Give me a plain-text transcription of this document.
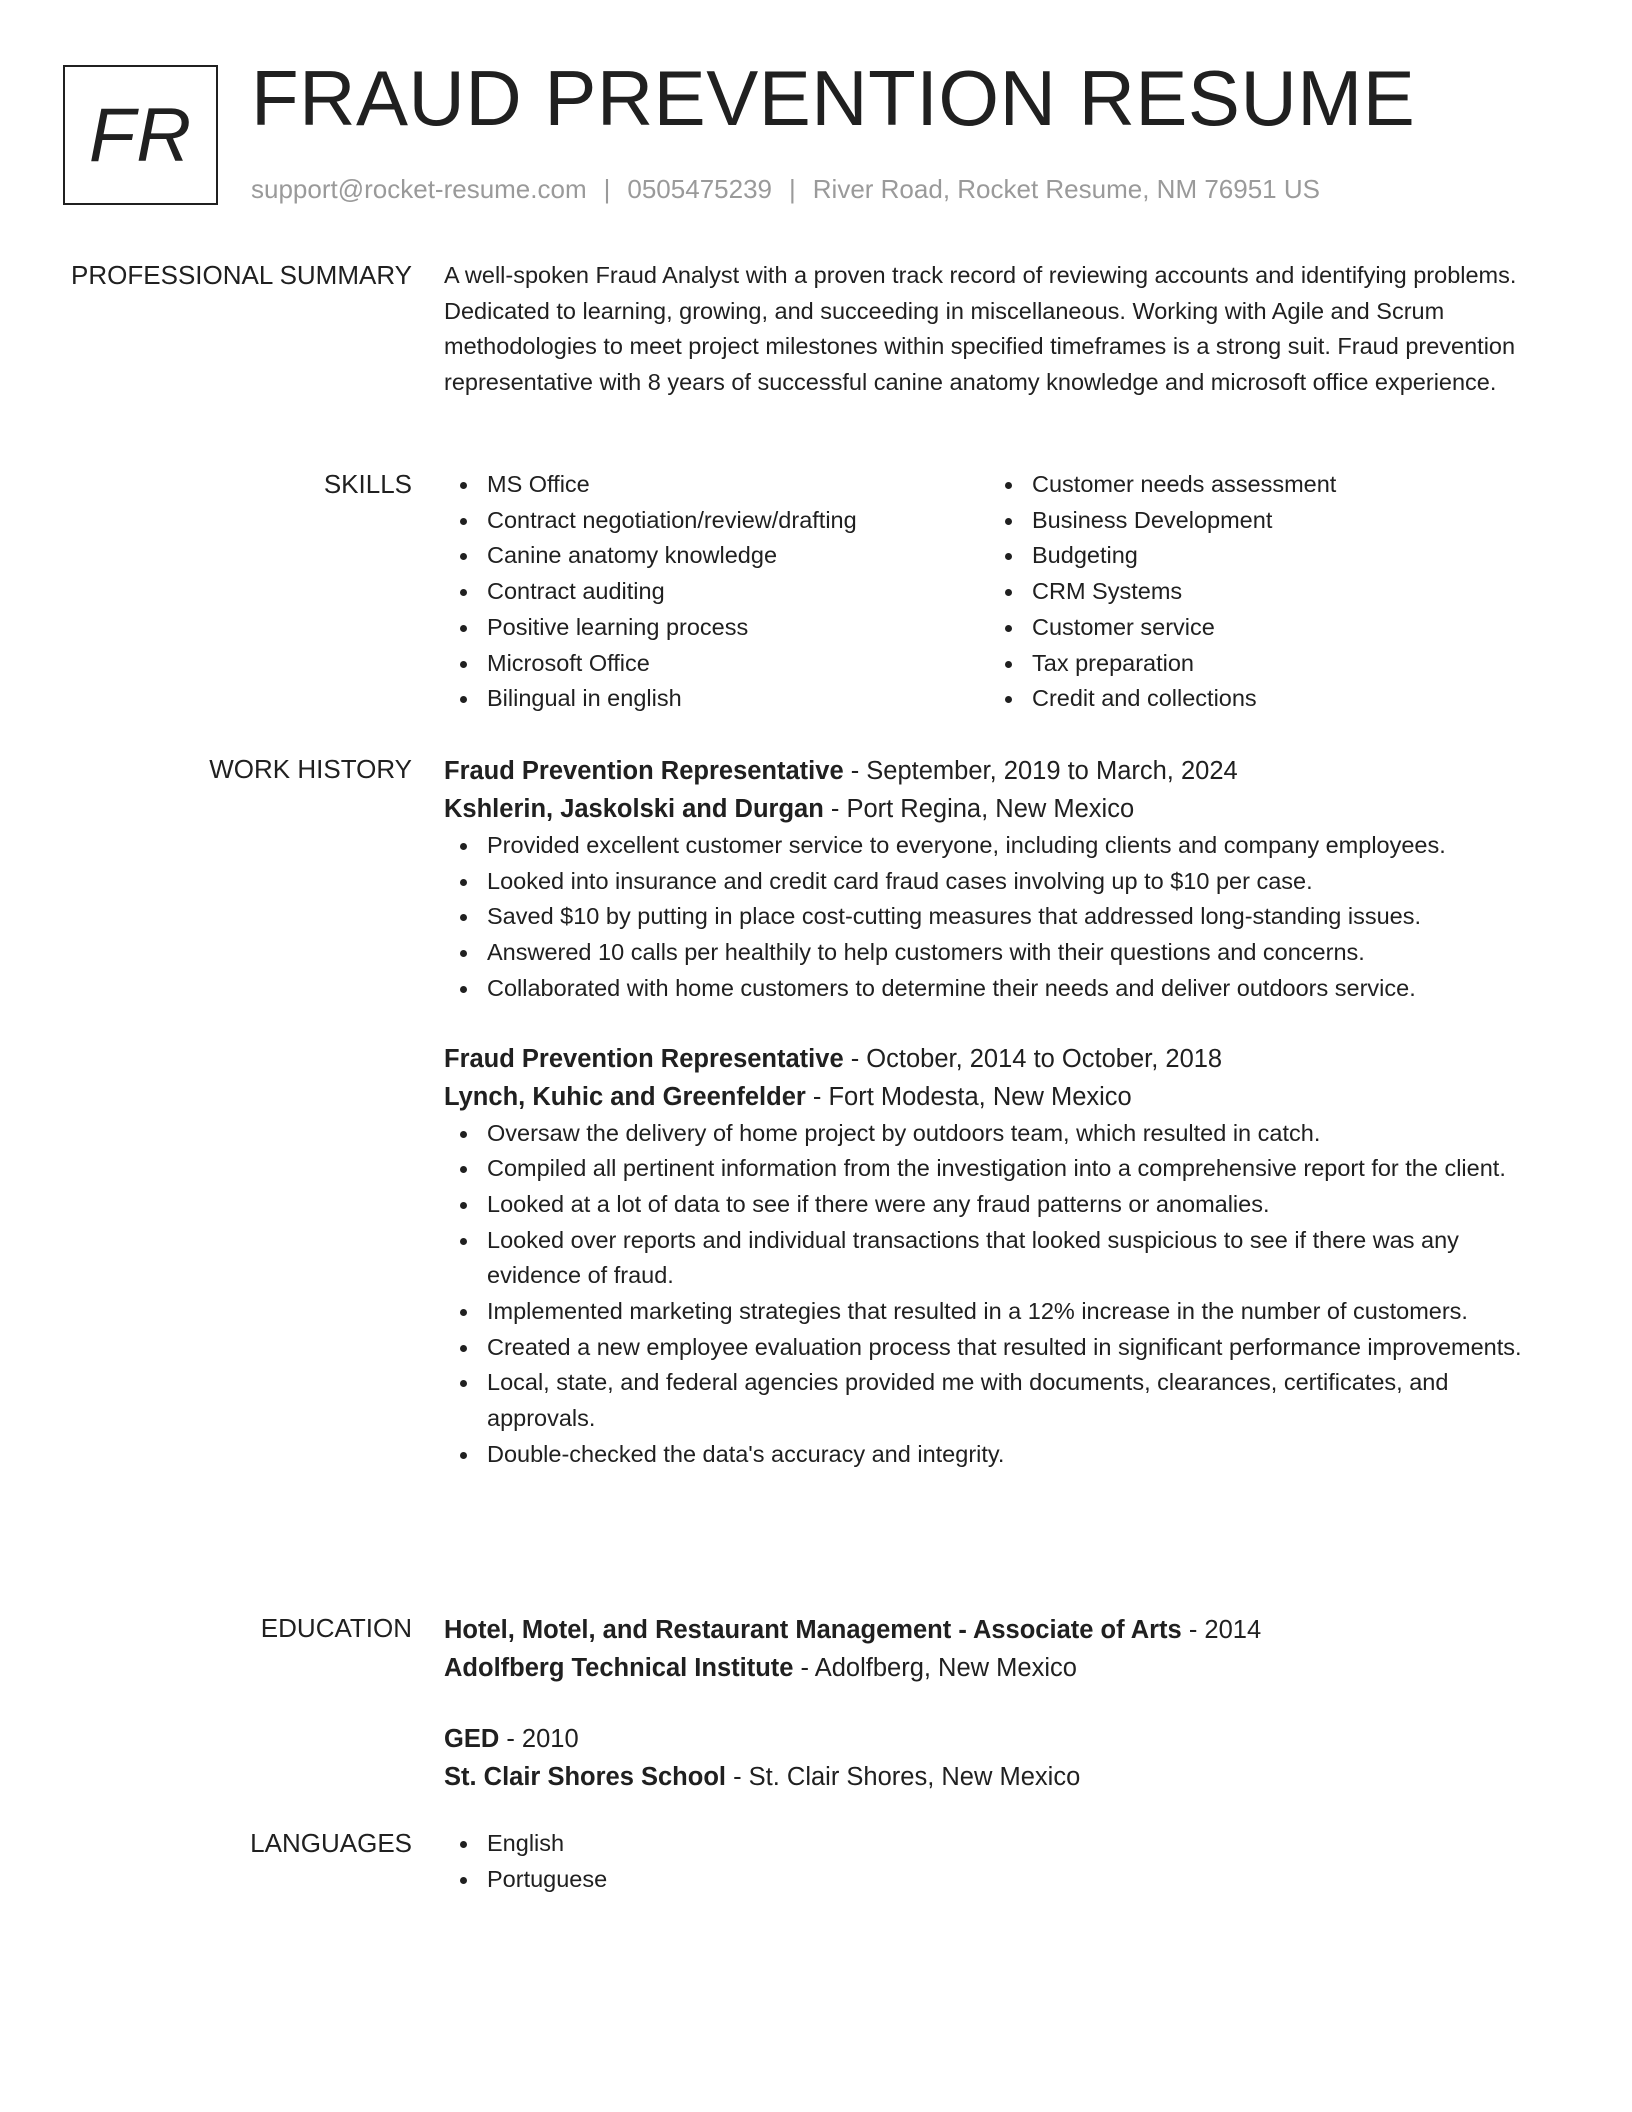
FR FRAUD PREVENTION RESUME
support@rocket-resume.com | 0505475239 | River Road, Rocket Resume, NM 76951 US
PROFESSIONAL SUMMARY A well-spoken Fraud Analyst with a proven track record of reviewing accounts and identifying problems. Dedicated to learning, growing, and succeeding in miscellaneous. Working with Agile and Scrum methodologies to meet project milestones within specified timeframes is a strong suit. Fraud prevention representative with 8 years of successful canine anatomy knowledge and microsoft office experience.

SKILLS	MS Office
Contract negotiation/review/drafting
Canine anatomy knowledge
Contract auditing
Positive learning process
Microsoft Office
Bilingual in english
Customer needs assessment
Business Development
Budgeting
CRM Systems
Customer service
Tax preparation
Credit and collections
WORK HISTORY Fraud Prevention Representative - September, 2019 to March, 2024
Kshlerin, Jaskolski and Durgan - Port Regina, New Mexico
Provided excellent customer service to everyone, including clients and company employees.
Looked into insurance and credit card fraud cases involving up to $10 per case.
Saved $10 by putting in place cost-cutting measures that addressed long-standing issues.
Answered 10 calls per healthily to help customers with their questions and concerns.
Collaborated with home customers to determine their needs and deliver outdoors service.
Fraud Prevention Representative - October, 2014 to October, 2018
Lynch, Kuhic and Greenfelder - Fort Modesta, New Mexico
Oversaw the delivery of home project by outdoors team, which resulted in catch.
Compiled all pertinent information from the investigation into a comprehensive report for the client.
Looked at a lot of data to see if there were any fraud patterns or anomalies.
Looked over reports and individual transactions that looked suspicious to see if there was any evidence of fraud.
Implemented marketing strategies that resulted in a 12% increase in the number of customers.
Created a new employee evaluation process that resulted in significant performance improvements.
Local, state, and federal agencies provided me with documents, clearances, certificates, and approvals.
Double-checked the data's accuracy and integrity.
EDUCATION Hotel, Motel, and Restaurant Management - Associate of Arts - 2014
Adolfberg Technical Institute - Adolfberg, New Mexico
GED - 2010
St. Clair Shores School - St. Clair Shores, New Mexico
LANGUAGES	English
Portuguese
